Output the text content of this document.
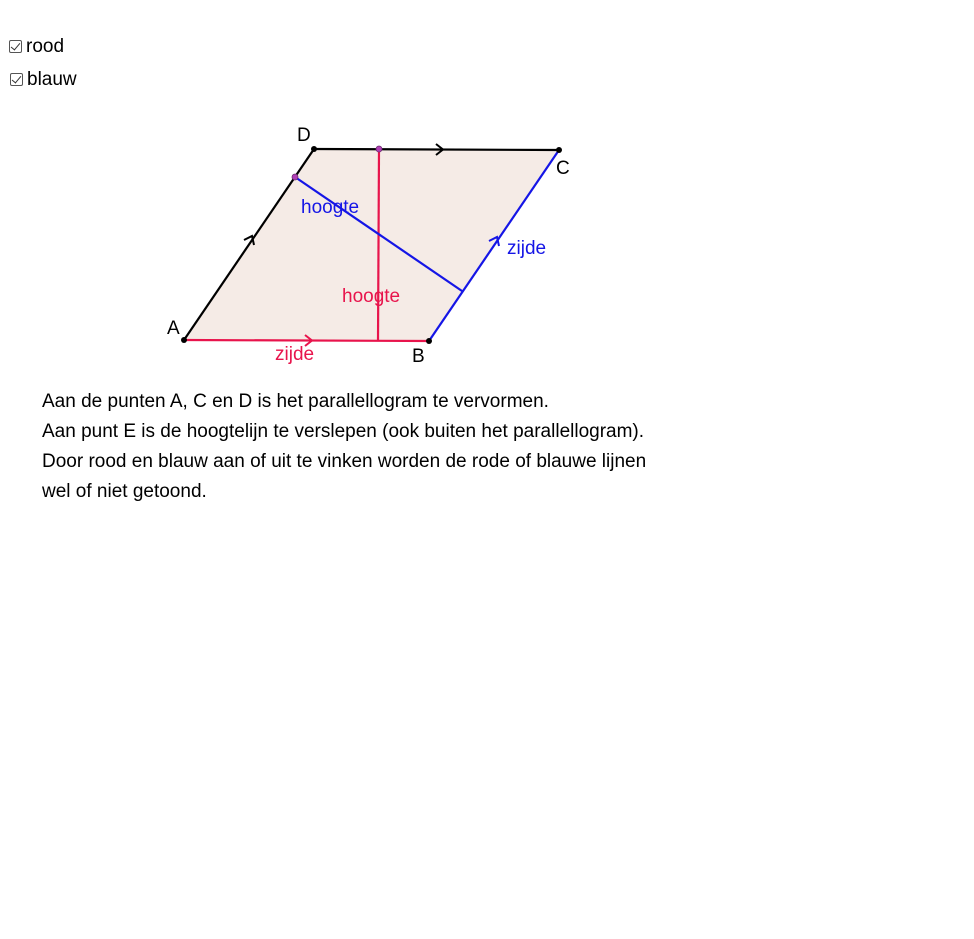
rood
blauw
A
B
C
D
hoogte
zijde
hoogte
zijde
Aan de punten A, C en D is het parallellogram te vervormen.
Aan punt E is de hoogtelijn te verslepen (ook buiten het parallellogram).
Door rood en blauw aan of uit te vinken worden de rode of blauwe lijnen
wel of niet getoond.
